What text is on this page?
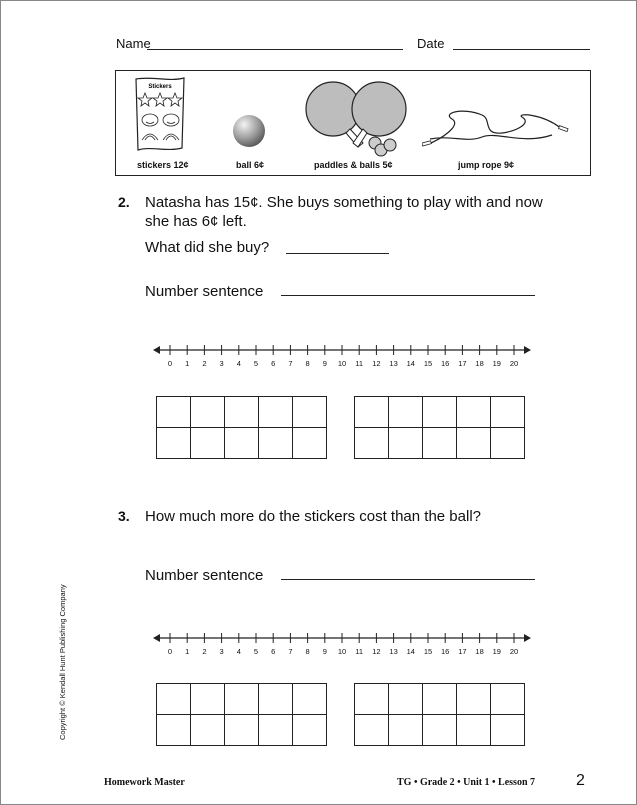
Name	Date
Stickers
stickers 12¢	ball 6¢	paddles & balls 5¢	jump rope 9¢
2. Natasha has 15¢. She buys something to play with and now
she has 6¢ left.
What did she buy?
Number sentence
0 1 2 3 4 5 6 7 8 9 10 11 12 13 14 15 16 17 18 19 20

3. How much more do the stickers cost than the ball?
Number sentence
0 1 2 3 4 5 6 7 8 9 10 11 12 13 14 15 16 17 18 19 20

Copyright © Kendall Hunt Publishing Company
Homework Master	TG • Grade 2 • Unit 1 • Lesson 7	2
